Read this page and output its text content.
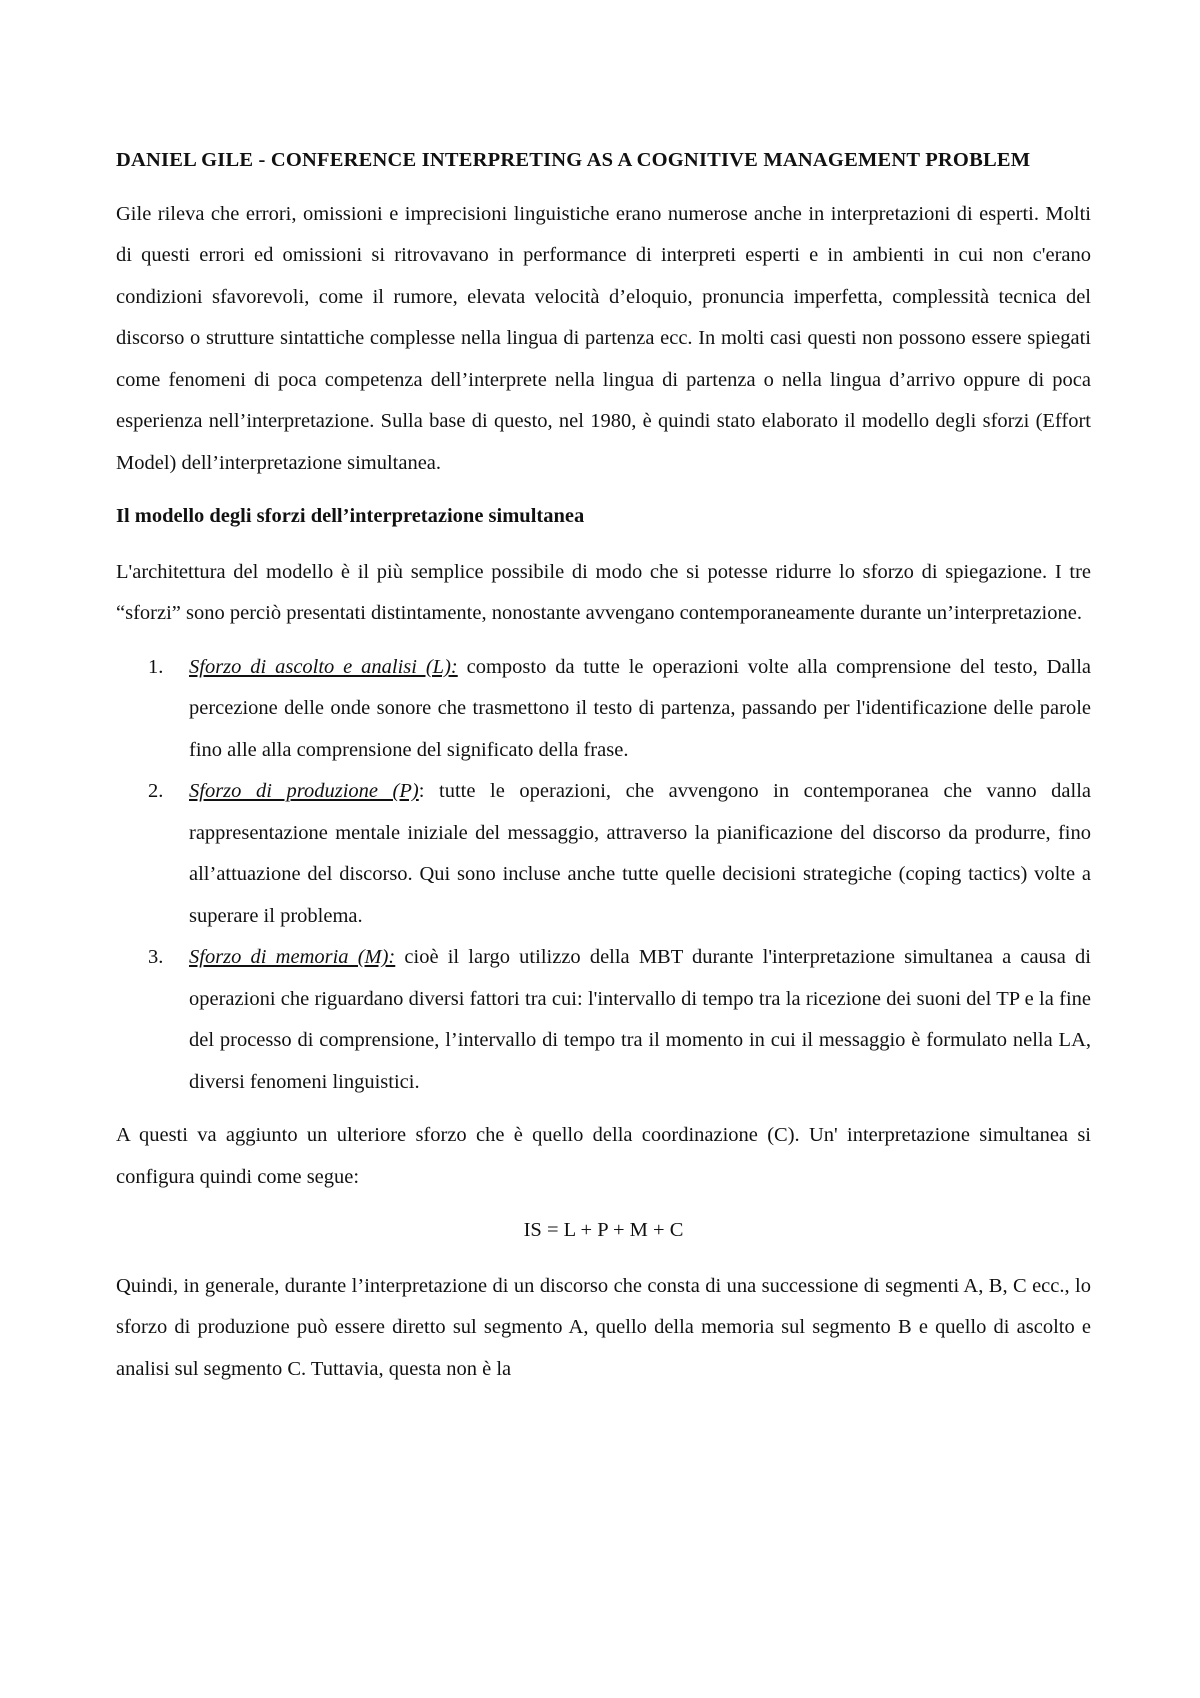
DANIEL GILE - CONFERENCE INTERPRETING AS A COGNITIVE MANAGEMENT PROBLEM

Gile rileva che errori, omissioni e imprecisioni linguistiche erano numerose anche in interpretazioni di esperti. Molti di questi errori ed omissioni si ritrovavano in performance di interpreti esperti e in ambienti in cui non c'erano condizioni sfavorevoli, come il rumore, elevata velocità d’eloquio, pronuncia imperfetta, complessità tecnica del discorso o strutture sintattiche complesse nella lingua di partenza ecc. In molti casi questi non possono essere spiegati come fenomeni di poca competenza dell’interprete nella lingua di partenza o nella lingua d’arrivo oppure di poca esperienza nell’interpretazione. Sulla base di questo, nel 1980, è quindi stato elaborato il modello degli sforzi (Effort Model) dell’interpretazione simultanea.

Il modello degli sforzi dell’interpretazione simultanea

L'architettura del modello è il più semplice possibile di modo che si potesse ridurre lo sforzo di spiegazione. I tre “sforzi” sono perciò presentati distintamente, nonostante avvengano contemporaneamente durante un’interpretazione.

1. Sforzo di ascolto e analisi (L): composto da tutte le operazioni volte alla comprensione del testo, Dalla percezione delle onde sonore che trasmettono il testo di partenza, passando per l'identificazione delle parole fino alle alla comprensione del significato della frase.
2. Sforzo di produzione (P): tutte le operazioni, che avvengono in contemporanea che vanno dalla rappresentazione mentale iniziale del messaggio, attraverso la pianificazione del discorso da produrre, fino all’attuazione del discorso. Qui sono incluse anche tutte quelle decisioni strategiche (coping tactics) volte a superare il problema.
3. Sforzo di memoria (M): cioè il largo utilizzo della MBT durante l'interpretazione simultanea a causa di operazioni che riguardano diversi fattori tra cui: l'intervallo di tempo tra la ricezione dei suoni del TP e la fine del processo di comprensione, l’intervallo di tempo tra il momento in cui il messaggio è formulato nella LA, diversi fenomeni linguistici.

A questi va aggiunto un ulteriore sforzo che è quello della coordinazione (C). Un' interpretazione simultanea si configura quindi come segue:

IS = L + P + M + C

Quindi, in generale, durante l’interpretazione di un discorso che consta di una successione di segmenti A, B, C ecc., lo sforzo di produzione può essere diretto sul segmento A, quello della memoria sul segmento B e quello di ascolto e analisi sul segmento C. Tuttavia, questa non è la
